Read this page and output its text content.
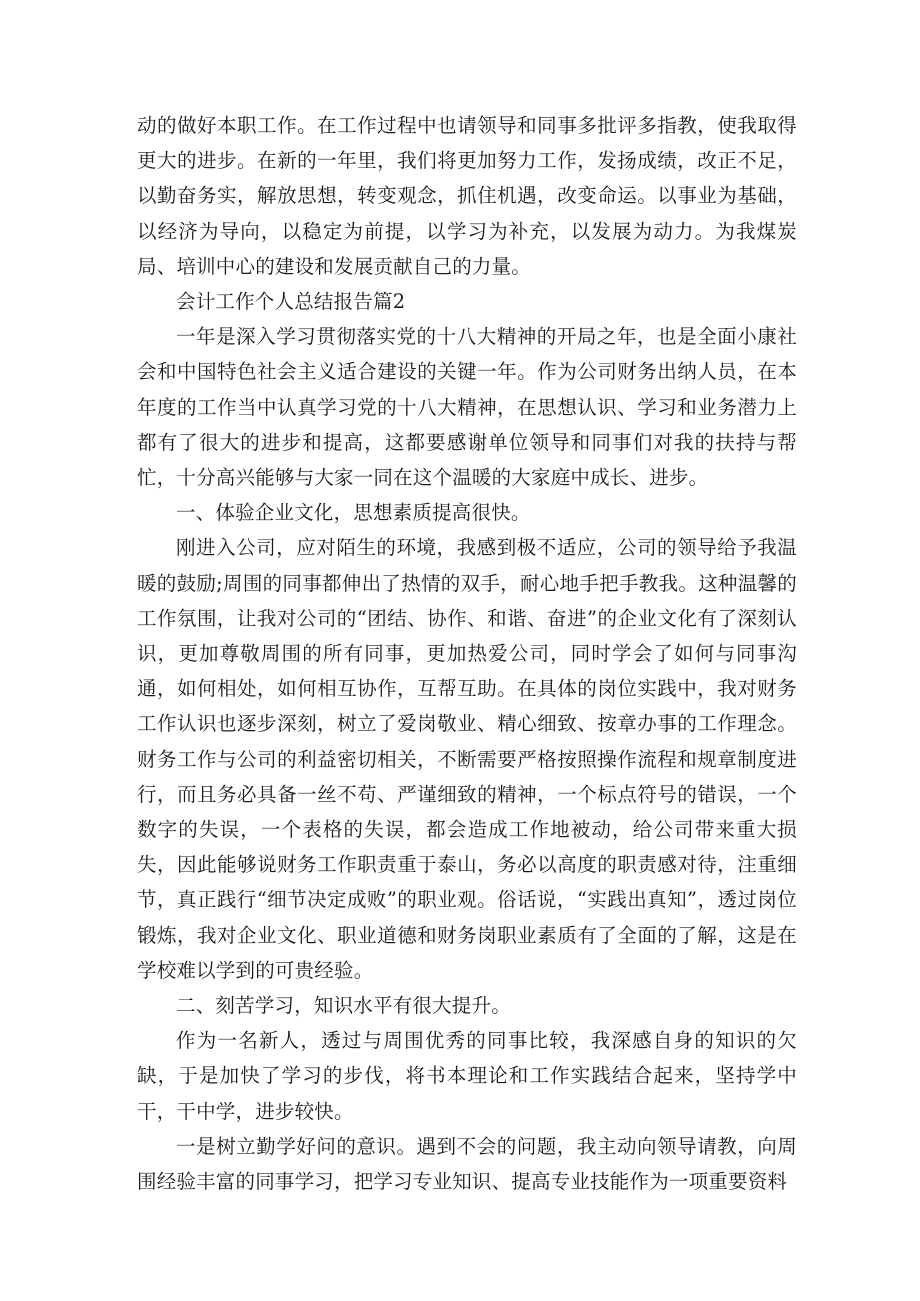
动的做好本职工作。在工作过程中也请领导和同事多批评多指教，使我取得更大的进步。在新的一年里，我们将更加努力工作，发扬成绩，改正不足，以勤奋务实，解放思想，转变观念，抓住机遇，改变命运。以事业为基础，以经济为导向，以稳定为前提，以学习为补充，以发展为动力。为我煤炭局、培训中心的建设和发展贡献自己的力量。

会计工作个人总结报告篇2

一年是深入学习贯彻落实党的十八大精神的开局之年，也是全面小康社会和中国特色社会主义适合建设的关键一年。作为公司财务出纳人员，在本年度的工作当中认真学习党的十八大精神，在思想认识、学习和业务潜力上都有了很大的进步和提高，这都要感谢单位领导和同事们对我的扶持与帮忙，十分高兴能够与大家一同在这个温暖的大家庭中成长、进步。

一、体验企业文化，思想素质提高很快。

刚进入公司，应对陌生的环境，我感到极不适应，公司的领导给予我温暖的鼓励;周围的同事都伸出了热情的双手，耐心地手把手教我。这种温馨的工作氛围，让我对公司的“团结、协作、和谐、奋进”的企业文化有了深刻认识，更加尊敬周围的所有同事，更加热爱公司，同时学会了如何与同事沟通，如何相处，如何相互协作，互帮互助。在具体的岗位实践中，我对财务工作认识也逐步深刻，树立了爱岗敬业、精心细致、按章办事的工作理念。财务工作与公司的利益密切相关，不断需要严格按照操作流程和规章制度进行，而且务必具备一丝不苟、严谨细致的精神，一个标点符号的错误，一个数字的失误，一个表格的失误，都会造成工作地被动，给公司带来重大损失，因此能够说财务工作职责重于泰山，务必以高度的职责感对待，注重细节，真正践行“细节决定成败”的职业观。俗话说，“实践出真知”，透过岗位锻炼，我对企业文化、职业道德和财务岗职业素质有了全面的了解，这是在学校难以学到的可贵经验。

二、刻苦学习，知识水平有很大提升。

作为一名新人，透过与周围优秀的同事比较，我深感自身的知识的欠缺，于是加快了学习的步伐，将书本理论和工作实践结合起来，坚持学中干，干中学，进步较快。

一是树立勤学好问的意识。遇到不会的问题，我主动向领导请教，向周围经验丰富的同事学习，把学习专业知识、提高专业技能作为一项重要资料
